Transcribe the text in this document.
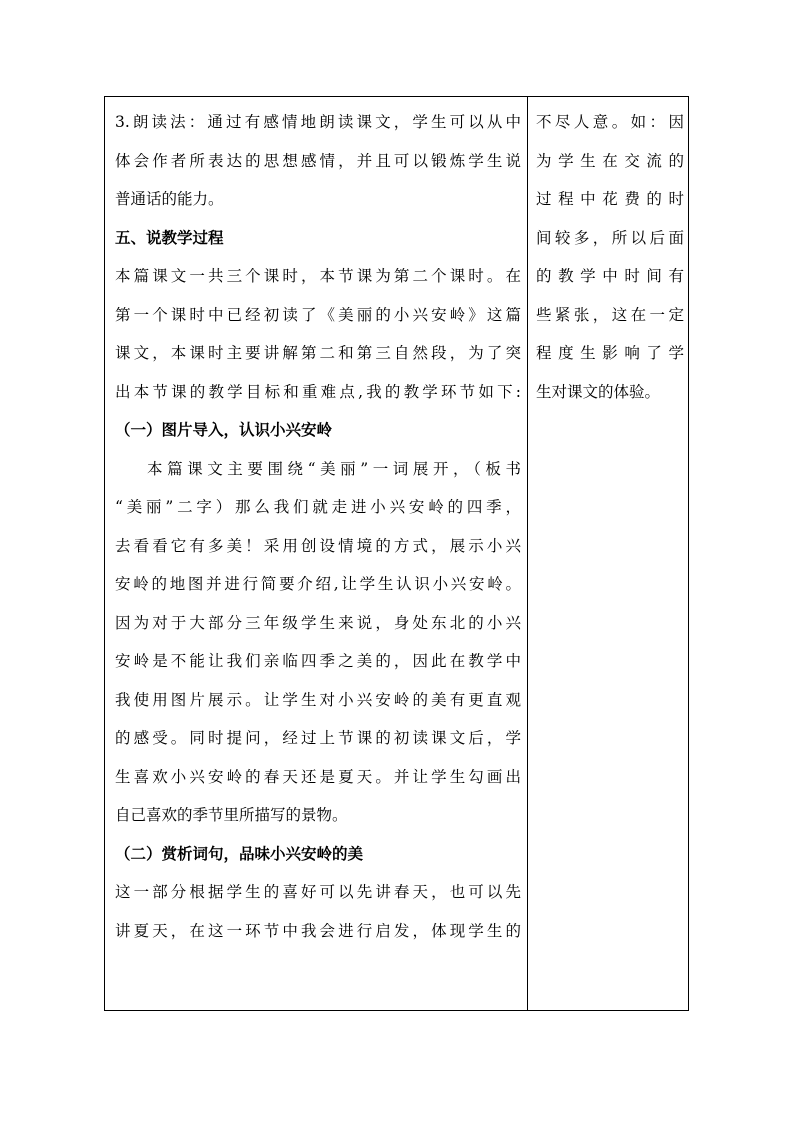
3.朗读法：通过有感情地朗读课文，学生可以从中
体会作者所表达的思想感情，并且可以锻炼学生说
普通话的能力。
五、说教学过程
本篇课文一共三个课时，本节课为第二个课时。在
第一个课时中已经初读了《美丽的小兴安岭》这篇
课文，本课时主要讲解第二和第三自然段，为了突
出本节课的教学目标和重难点,我的教学环节如下:
（一）图片导入，认识小兴安岭
本篇课文主要围绕“美丽”一词展开，（板书
“美丽”二字）那么我们就走进小兴安岭的四季，
去看看它有多美！采用创设情境的方式，展示小兴
安岭的地图并进行简要介绍,让学生认识小兴安岭。
因为对于大部分三年级学生来说，身处东北的小兴
安岭是不能让我们亲临四季之美的，因此在教学中
我使用图片展示。让学生对小兴安岭的美有更直观
的感受。同时提问，经过上节课的初读课文后，学
生喜欢小兴安岭的春天还是夏天。并让学生勾画出
自己喜欢的季节里所描写的景物。
（二）赏析词句，品味小兴安岭的美
这一部分根据学生的喜好可以先讲春天，也可以先
讲夏天，在这一环节中我会进行启发，体现学生的
不尽人意。如：因
为学生在交流的
过程中花费的时
间较多，所以后面
的教学中时间有
些紧张，这在一定
程度生影响了学
生对课文的体验。
